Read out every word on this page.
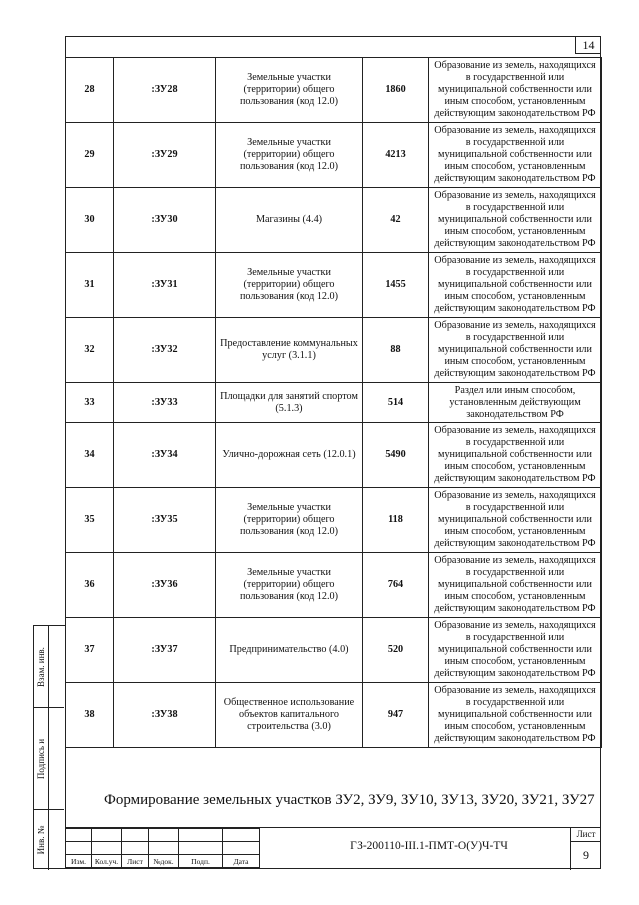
14
28	:ЗУ28	Земельные участки (территории) общего пользования (код 12.0)	1860	Образование из земель, находящихся в государственной или муниципальной собственности или иным способом, установленным действующим законодательством РФ
29	:ЗУ29	Земельные участки (территории) общего пользования (код 12.0)	4213	Образование из земель, находящихся в государственной или муниципальной собственности или иным способом, установленным действующим законодательством РФ
30	:ЗУ30	Магазины (4.4)	42	Образование из земель, находящихся в государственной или муниципальной собственности или иным способом, установленным действующим законодательством РФ
31	:ЗУ31	Земельные участки (территории) общего пользования (код 12.0)	1455	Образование из земель, находящихся в государственной или муниципальной собственности или иным способом, установленным действующим законодательством РФ
32	:ЗУ32	Предоставление коммунальных услуг (3.1.1)	88	Образование из земель, находящихся в государственной или муниципальной собственности или иным способом, установленным действующим законодательством РФ
33	:ЗУ33	Площадки для занятий спортом (5.1.3)	514	Раздел или иным способом, установленным действующим законодательством РФ
34	:ЗУ34	Улично-дорожная сеть (12.0.1)	5490	Образование из земель, находящихся в государственной или муниципальной собственности или иным способом, установленным действующим законодательством РФ
35	:ЗУ35	Земельные участки (территории) общего пользования (код 12.0)	118	Образование из земель, находящихся в государственной или муниципальной собственности или иным способом, установленным действующим законодательством РФ
36	:ЗУ36	Земельные участки (территории) общего пользования (код 12.0)	764	Образование из земель, находящихся в государственной или муниципальной собственности или иным способом, установленным действующим законодательством РФ
37	:ЗУ37	Предпринимательство (4.0)	520	Образование из земель, находящихся в государственной или муниципальной собственности или иным способом, установленным действующим законодательством РФ
38	:ЗУ38	Общественное использование объектов капитального строительства (3.0)	947	Образование из земель, находящихся в государственной или муниципальной собственности или иным способом, установленным действующим законодательством РФ
Формирование земельных участков ЗУ2, ЗУ9, ЗУ10, ЗУ13, ЗУ20, ЗУ21, ЗУ27
Взам. инв.
Подпись и
Инв. №

Изм.	Кол.уч.	Лист	№док.	Подп.	Дата
ГЗ-200110-III.1-ПМТ-О(У)Ч-ТЧ
Лист
9
